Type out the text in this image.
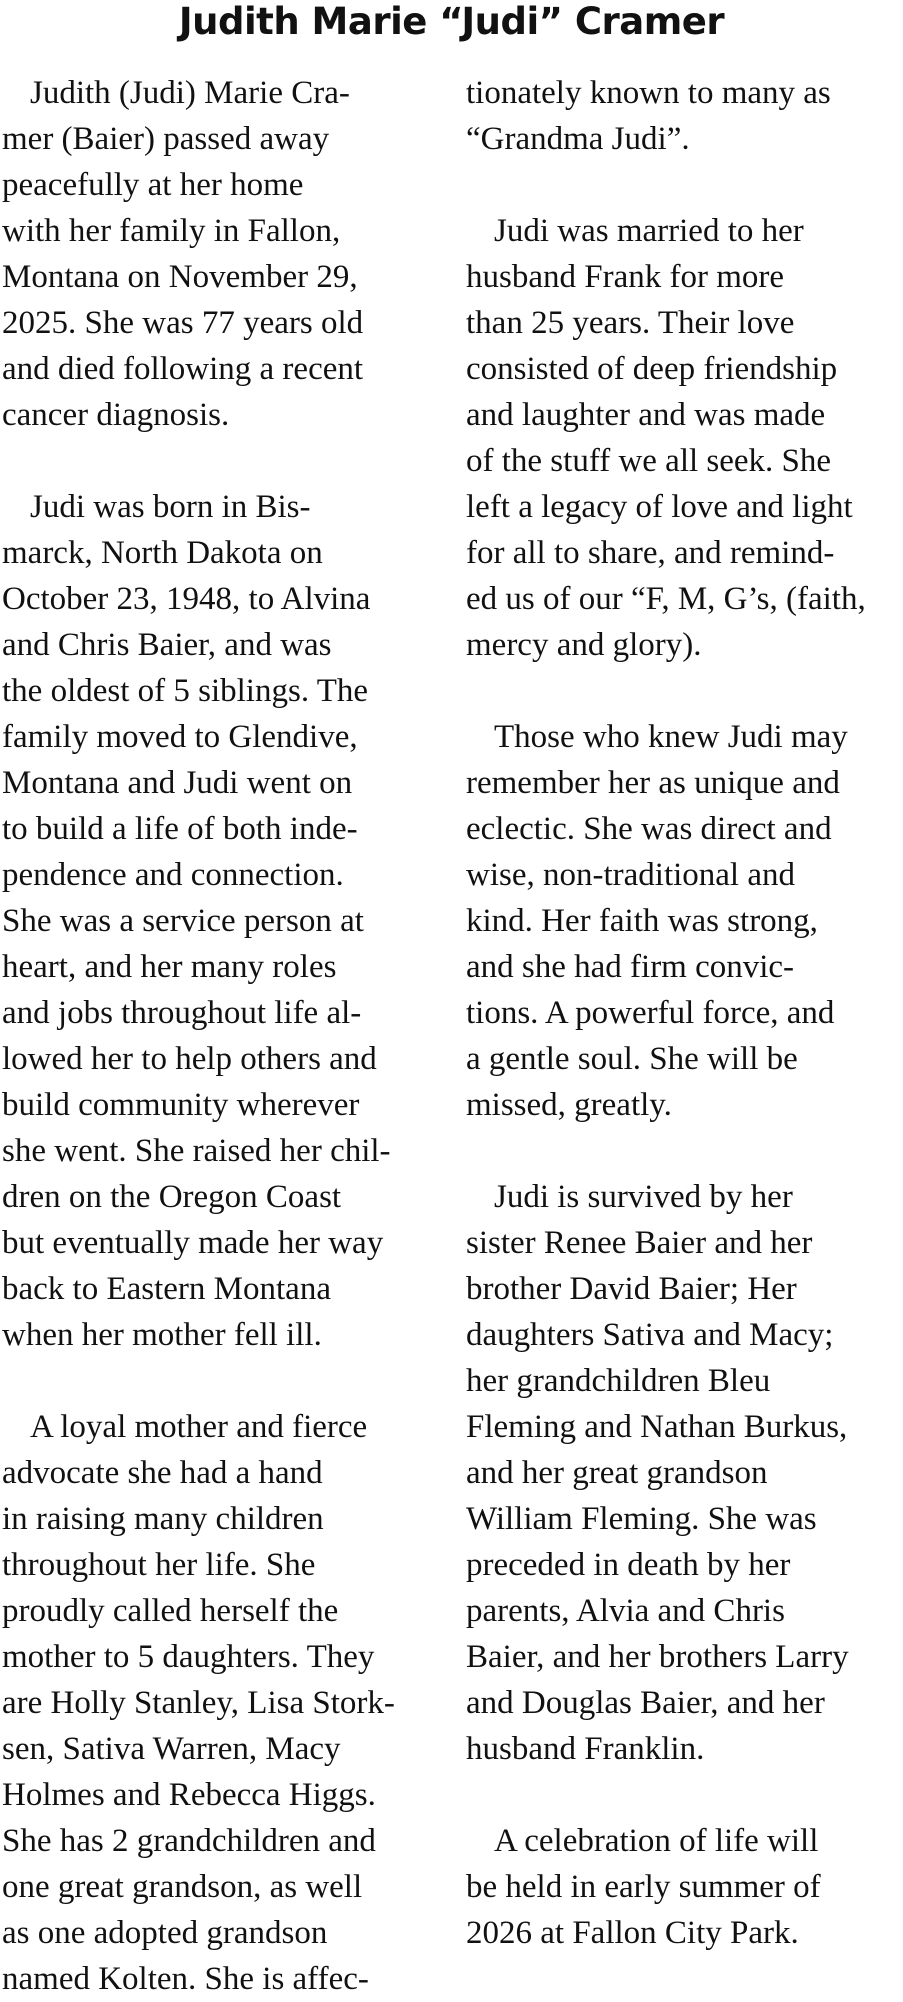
Judith Marie “Judi” Cramer
Judith (Judi) Marie Cra-
mer (Baier) passed away
peacefully at her home
with her family in Fallon,
Montana on November 29,
2025. She was 77 years old
and died following a recent
cancer diagnosis.
Judi was born in Bis-
marck, North Dakota on
October 23, 1948, to Alvina
and Chris Baier, and was
the oldest of 5 siblings. The
family moved to Glendive,
Montana and Judi went on
to build a life of both inde-
pendence and connection.
She was a service person at
heart, and her many roles
and jobs throughout life al-
lowed her to help others and
build community wherever
she went. She raised her chil-
dren on the Oregon Coast
but eventually made her way
back to Eastern Montana
when her mother fell ill.
A loyal mother and fierce
advocate she had a hand
in raising many children
throughout her life. She
proudly called herself the
mother to 5 daughters. They
are Holly Stanley, Lisa Stork-
sen, Sativa Warren, Macy
Holmes and Rebecca Higgs.
She has 2 grandchildren and
one great grandson, as well
as one adopted grandson
named Kolten. She is affec-
tionately known to many as
“Grandma Judi”.
Judi was married to her
husband Frank for more
than 25 years. Their love
consisted of deep friendship
and laughter and was made
of the stuff we all seek. She
left a legacy of love and light
for all to share, and remind-
ed us of our “F, M, G’s, (faith,
mercy and glory).
Those who knew Judi may
remember her as unique and
eclectic. She was direct and
wise, non-traditional and
kind. Her faith was strong,
and she had firm convic-
tions. A powerful force, and
a gentle soul. She will be
missed, greatly.
Judi is survived by her
sister Renee Baier and her
brother David Baier; Her
daughters Sativa and Macy;
her grandchildren Bleu
Fleming and Nathan Burkus,
and her great grandson
William Fleming. She was
preceded in death by her
parents, Alvia and Chris
Baier, and her brothers Larry
and Douglas Baier, and her
husband Franklin.
A celebration of life will
be held in early summer of
2026 at Fallon City Park.
